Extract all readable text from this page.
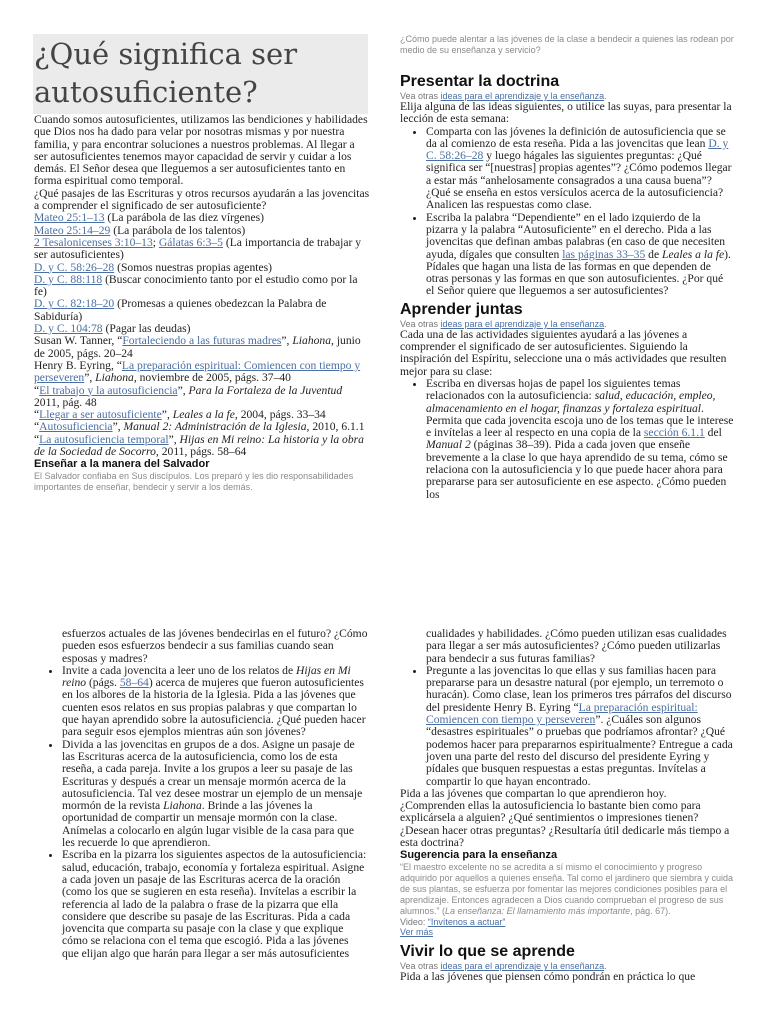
¿Qué significa ser autosuficiente?

Cuando somos autosuficientes, utilizamos las bendiciones y habilidades que Dios nos ha dado para velar por nosotras mismas y por nuestra familia, y para encontrar soluciones a nuestros problemas. Al llegar a ser autosuficientes tenemos mayor capacidad de servir y cuidar a los demás. El Señor desea que lleguemos a ser autosuficientes tanto en forma espiritual como temporal.

¿Qué pasajes de las Escrituras y otros recursos ayudarán a las jovencitas a comprender el significado de ser autosuficiente?

Mateo 25:1–13 (La parábola de las diez vírgenes)

Mateo 25:14–29 (La parábola de los talentos)

2 Tesalonicenses 3:10–13; Gálatas 6:3–5 (La importancia de trabajar y ser autosuficientes)

D. y C. 58:26–28 (Somos nuestras propias agentes)

D. y C. 88:118 (Buscar conocimiento tanto por el estudio como por la fe)

D. y C. 82:18–20 (Promesas a quienes obedezcan la Palabra de Sabiduría)

D. y C. 104:78 (Pagar las deudas)

Susan W. Tanner, “Fortaleciendo a las futuras madres”, Liahona, junio de 2005, págs. 20–24

Henry B. Eyring, “La preparación espiritual: Comiencen con tiempo y perseveren”, Liahona, noviembre de 2005, págs. 37–40

“El trabajo y la autosuficiencia”, Para la Fortaleza de la Juventud 2011, pág. 48

“Llegar a ser autosuficiente”, Leales a la fe, 2004, págs. 33–34

“Autosuficiencia”, Manual 2: Administración de la Iglesia, 2010, 6.1.1

“La autosuficiencia temporal”, Hijas en Mi reino: La historia y la obra de la Sociedad de Socorro, 2011, págs. 58–64

Enseñar a la manera del Salvador

El Salvador confiaba en Sus discípulos. Los preparó y les dio responsabilidades importantes de enseñar, bendecir y servir a los demás.

¿Cómo puede alentar a las jóvenes de la clase a bendecir a quienes las rodean por medio de su enseñanza y servicio?

Presentar la doctrina

Vea otras ideas para el aprendizaje y la enseñanza.

Elija alguna de las ideas siguientes, o utilice las suyas, para presentar la lección de esta semana:

• Comparta con las jóvenes la definición de autosuficiencia que se da al comienzo de esta reseña. Pida a las jovencitas que lean D. y C. 58:26–28 y luego hágales las siguientes preguntas: ¿Qué significa ser “[nuestras] propias agentes”? ¿Cómo podemos llegar a estar más “anhelosamente consagrados a una causa buena”? ¿Qué se enseña en estos versículos acerca de la autosuficiencia? Analicen las respuestas como clase.
• Escriba la palabra “Dependiente” en el lado izquierdo de la pizarra y la palabra “Autosuficiente” en el derecho. Pida a las jovencitas que definan ambas palabras (en caso de que necesiten ayuda, dígales que consulten las páginas 33–35 de Leales a la fe). Pídales que hagan una lista de las formas en que dependen de otras personas y las formas en que son autosuficientes. ¿Por qué el Señor quiere que lleguemos a ser autosuficientes?
Aprender juntas

Vea otras ideas para el aprendizaje y la enseñanza.

Cada una de las actividades siguientes ayudará a las jóvenes a comprender el significado de ser autosuficientes. Siguiendo la inspiración del Espíritu, seleccione una o más actividades que resulten mejor para su clase:

• Escriba en diversas hojas de papel los siguientes temas relacionados con la autosuficiencia: salud, educación, empleo, almacenamiento en el hogar, finanzas y fortaleza espiritual. Permita que cada jovencita escoja uno de los temas que le interese e invítelas a leer al respecto en una copia de la sección 6.1.1 del Manual 2 (páginas 38–39). Pida a cada joven que enseñe brevemente a la clase lo que haya aprendido de su tema, cómo se relaciona con la autosuficiencia y lo que puede hacer ahora para prepararse para ser autosuficiente en ese aspecto. ¿Cómo pueden los
esfuerzos actuales de las jóvenes bendecirlas en el futuro? ¿Cómo pueden esos esfuerzos bendecir a sus familias cuando sean esposas y madres?
• Invite a cada jovencita a leer uno de los relatos de Hijas en Mi reino (págs. 58–64) acerca de mujeres que fueron autosuficientes en los albores de la historia de la Iglesia. Pida a las jóvenes que cuenten esos relatos en sus propias palabras y que compartan lo que hayan aprendido sobre la autosuficiencia. ¿Qué pueden hacer para seguir esos ejemplos mientras aún son jóvenes?
• Divida a las jovencitas en grupos de a dos. Asigne un pasaje de las Escrituras acerca de la autosuficiencia, como los de esta reseña, a cada pareja. Invite a los grupos a leer su pasaje de las Escrituras y después a crear un mensaje mormón acerca de la autosuficiencia. Tal vez desee mostrar un ejemplo de un mensaje mormón de la revista Liahona. Brinde a las jóvenes la oportunidad de compartir un mensaje mormón con la clase. Anímelas a colocarlo en algún lugar visible de la casa para que les recuerde lo que aprendieron.
• Escriba en la pizarra los siguientes aspectos de la autosuficiencia: salud, educación, trabajo, economía y fortaleza espiritual. Asigne a cada joven un pasaje de las Escrituras acerca de la oración (como los que se sugieren en esta reseña). Invítelas a escribir la referencia al lado de la palabra o frase de la pizarra que ella considere que describe su pasaje de las Escrituras. Pida a cada jovencita que comparta su pasaje con la clase y que explique cómo se relaciona con el tema que escogió. Pida a las jóvenes que elijan algo que harán para llegar a ser más autosuficientes
cualidades y habilidades. ¿Cómo pueden utilizan esas cualidades para llegar a ser más autosuficientes? ¿Cómo pueden utilizarlas para bendecir a sus futuras familias?
• Pregunte a las jovencitas lo que ellas y sus familias hacen para prepararse para un desastre natural (por ejemplo, un terremoto o huracán). Como clase, lean los primeros tres párrafos del discurso del presidente Henry B. Eyring “La preparación espiritual: Comiencen con tiempo y perseveren”. ¿Cuáles son algunos “desastres espirituales” o pruebas que podríamos afrontar? ¿Qué podemos hacer para prepararnos espiritualmente? Entregue a cada joven una parte del resto del discurso del presidente Eyring y pídales que busquen respuestas a estas preguntas. Invítelas a compartir lo que hayan encontrado.

Pida a las jóvenes que compartan lo que aprendieron hoy. ¿Comprenden ellas la autosuficiencia lo bastante bien como para explicársela a alguien? ¿Qué sentimientos o impresiones tienen? ¿Desean hacer otras preguntas? ¿Resultaría útil dedicarle más tiempo a esta doctrina?

Sugerencia para la enseñanza

“El maestro excelente no se acredita a sí mismo el conocimiento y progreso adquirido por aquellos a quienes enseña. Tal como el jardinero que siembra y cuida de sus plantas, se esfuerza por fomentar las mejores condiciones posibles para el aprendizaje. Entonces agradecen a Dios cuando comprueban el progreso de sus alumnos.” (La enseñanza: El llamamiento más importante, pág. 67).

Video: “Invítenos a actuar”

Ver más

Vivir lo que se aprende

Vea otras ideas para el aprendizaje y la enseñanza.

Pida a las jóvenes que piensen cómo pondrán en práctica lo que
